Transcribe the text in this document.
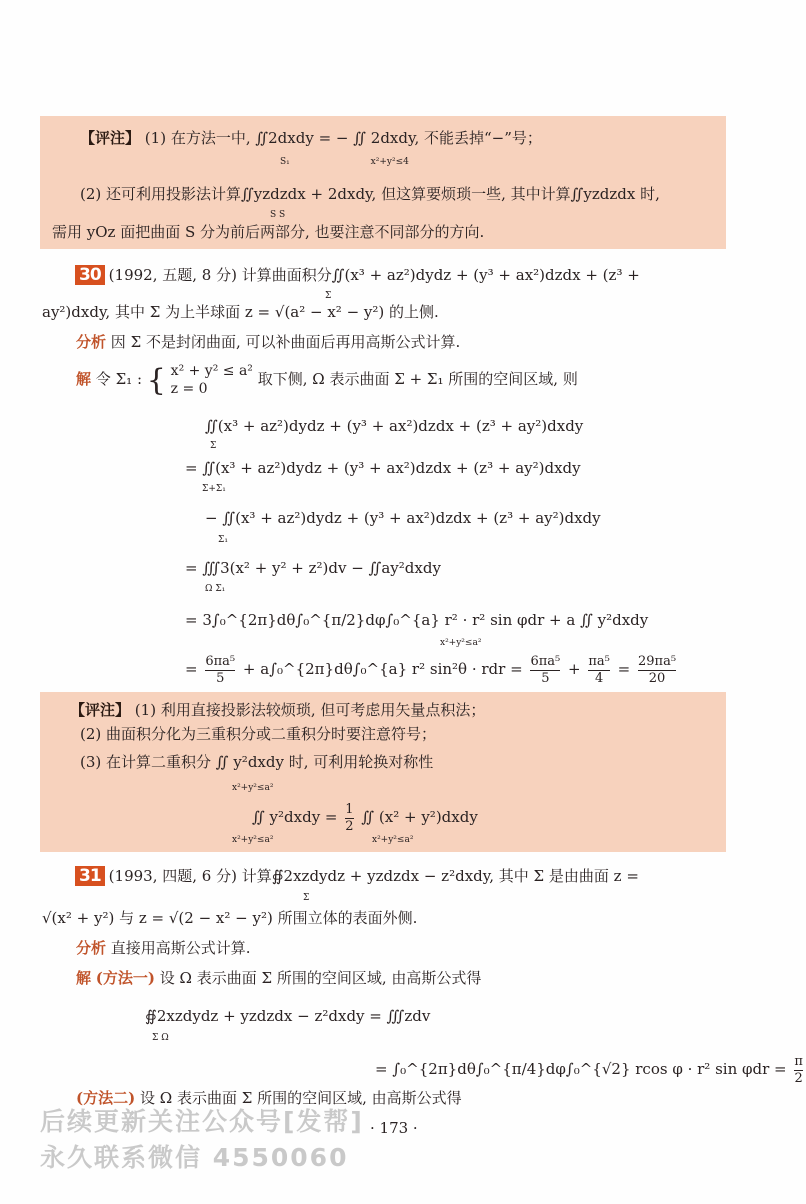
【评注】 (1) 在方法一中, ∬2dxdy = − ∬ 2dxdy, 不能丢掉“−”号；
S₁	x²+y²≤4
(2) 还可利用投影法计算∬yzdzdx + 2dxdy, 但这算要烦琐一些, 其中计算∬yzdzdx 时,
S S
需用 yOz 面把曲面 S 分为前后两部分, 也要注意不同部分的方向.
30 (1992, 五题, 8 分) 计算曲面积分∬(x³ + az²)dydz + (y³ + ax²)dzdx + (z³ +
Σ
ay²)dxdy, 其中 Σ 为上半球面 z = √(a² − x² − y²) 的上侧.
分析 因 Σ 不是封闭曲面, 可以补曲面后再用高斯公式计算.
解 令 Σ₁ : { x² + y² ≤ a²
z = 0
取下侧, Ω 表示曲面 Σ + Σ₁ 所围的空间区域, 则
∬(x³ + az²)dydz + (y³ + ax²)dzdx + (z³ + ay²)dxdy
Σ
= ∬(x³ + az²)dydz + (y³ + ax²)dzdx + (z³ + ay²)dxdy
Σ+Σ₁
− ∬(x³ + az²)dydz + (y³ + ax²)dzdx + (z³ + ay²)dxdy
Σ₁
= ∭3(x² + y² + z²)dv − ∬ay²dxdy
Ω Σ₁
= 3∫₀^{2π}dθ∫₀^{π/2}dφ∫₀^{a} r² · r² sin φdr + a ∬ y²dxdy
x²+y²≤a²
= $\frac{\text{6πa⁵}}{5}$ + a∫₀^{2π}dθ∫₀^{a} r² sin²θ · rdr = $\frac{\text{6πa⁵}}{5} + \frac{\text{πa⁵}}{4} = \frac{\text{29πa⁵}}{20}$
【评注】 (1) 利用直接投影法较烦琐, 但可考虑用矢量点积法；
(2) 曲面积分化为三重积分或二重积分时要注意符号；
(3) 在计算二重积分 ∬ y²dxdy 时, 可利用轮换对称性
x²+y²≤a²
∬ y²dxdy = $\frac{1}{2}$ ∬ (x² + y²)dxdy
x²+y²≤a²	x²+y²≤a²
31 (1993, 四题, 6 分) 计算∯2xzdydz + yzdzdx − z²dxdy, 其中 Σ 是由曲面 z =
Σ
√(x² + y²) 与 z = √(2 − x² − y²) 所围立体的表面外侧.
分析 直接用高斯公式计算.
解 (方法一) 设 Ω 表示曲面 Σ 所围的空间区域, 由高斯公式得
∯2xzdydz + yzdzdx − z²dxdy = ∭zdv
Σ Ω
= ∫₀^{2π}dθ∫₀^{π/4}dφ∫₀^{√2} rcos φ · r² $\sin \varphi dr = \frac{\pi}{2}$
(方法二) 设 Ω 表示曲面 Σ 所围的空间区域, 由高斯公式得
· 173 ·
后续更新关注公众号[发帮]
永久联系微信 4550060
